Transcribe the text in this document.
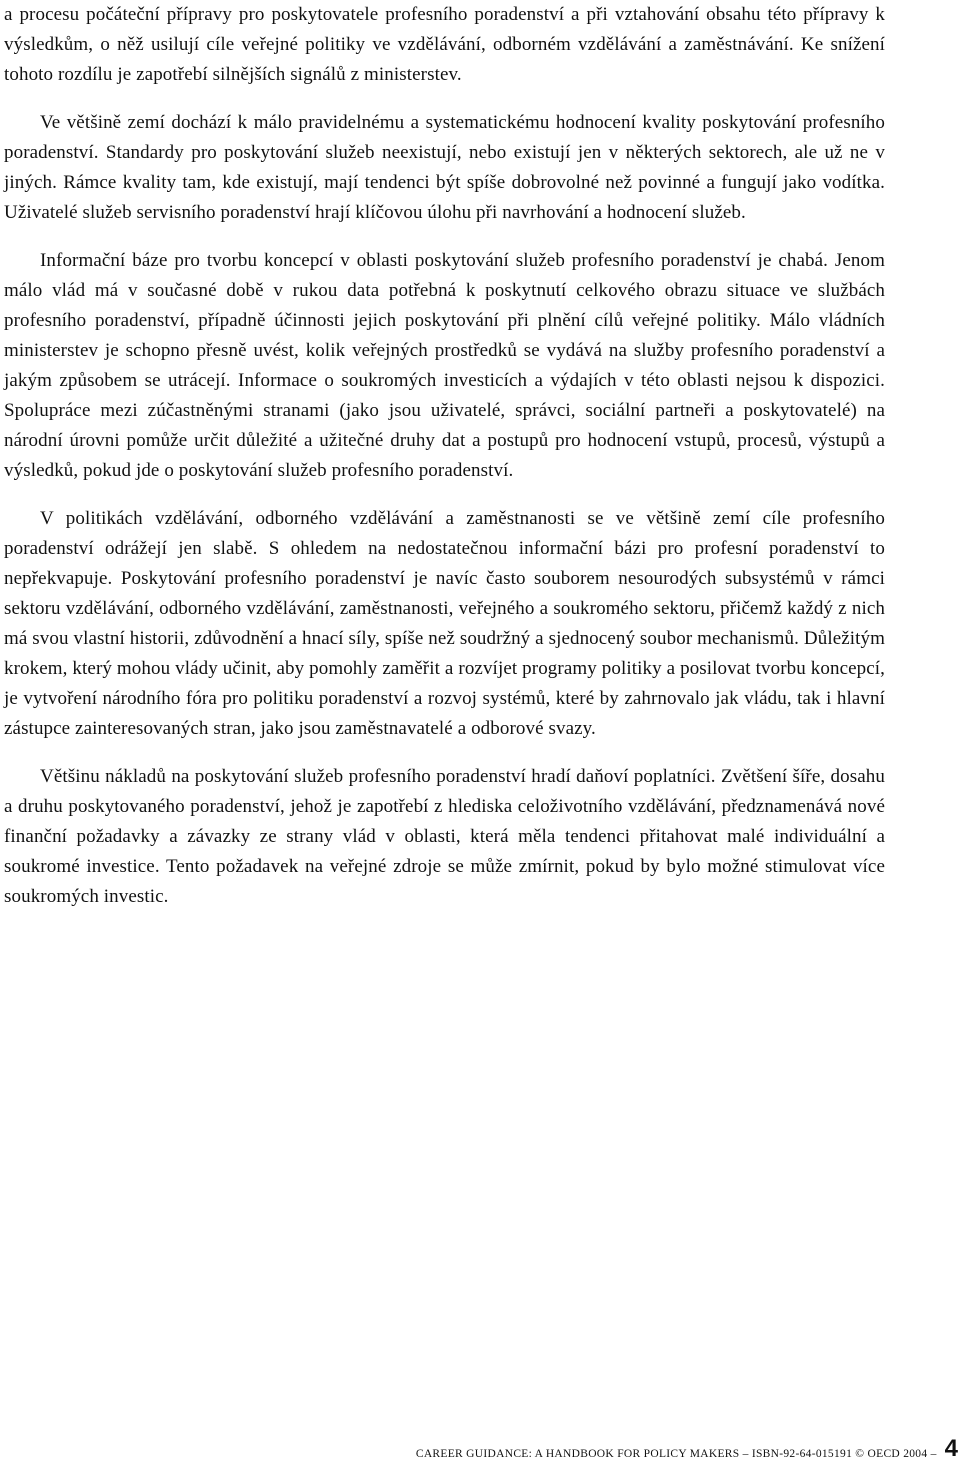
a procesu počáteční přípravy pro poskytovatele profesního poradenství a při vztahování obsahu této přípravy k výsledkům, o něž usilují cíle veřejné politiky ve vzdělávání, odborném vzdělávání a zaměstnávání. Ke snížení tohoto rozdílu je zapotřebí silnějších signálů z ministerstev.

Ve většině zemí dochází k málo pravidelnému a systematickému hodnocení kvality poskytování profesního poradenství. Standardy pro poskytování služeb neexistují, nebo existují jen v některých sektorech, ale už ne v jiných. Rámce kvality tam, kde existují, mají tendenci být spíše dobrovolné než povinné a fungují jako vodítka. Uživatelé služeb servisního poradenství hrají klíčovou úlohu při navrhování a hodnocení služeb.

Informační báze pro tvorbu koncepcí v oblasti poskytování služeb profesního poradenství je chabá. Jenom málo vlád má v současné době v rukou data potřebná k poskytnutí celkového obrazu situace ve službách profesního poradenství, případně účinnosti jejich poskytování při plnění cílů veřejné politiky. Málo vládních ministerstev je schopno přesně uvést, kolik veřejných prostředků se vydává na služby profesního poradenství a jakým způsobem se utrácejí. Informace o soukromých investicích a výdajích v této oblasti nejsou k dispozici. Spolupráce mezi zúčastněnými stranami (jako jsou uživatelé, správci, sociální partneři a poskytovatelé) na národní úrovni pomůže určit důležité a užitečné druhy dat a postupů pro hodnocení vstupů, procesů, výstupů a výsledků, pokud jde o poskytování služeb profesního poradenství.

V politikách vzdělávání, odborného vzdělávání a zaměstnanosti se ve většině zemí cíle profesního poradenství odrážejí jen slabě. S ohledem na nedostatečnou informační bázi pro profesní poradenství to nepřekvapuje. Poskytování profesního poradenství je navíc často souborem nesourodých subsystémů v rámci sektoru vzdělávání, odborného vzdělávání, zaměstnanosti, veřejného a soukromého sektoru, přičemž každý z nich má svou vlastní historii, zdůvodnění a hnací síly, spíše než soudržný a sjednocený soubor mechanismů. Důležitým krokem, který mohou vlády učinit, aby pomohly zaměřit a rozvíjet programy politiky a posilovat tvorbu koncepcí, je vytvoření národního fóra pro politiku poradenství a rozvoj systémů, které by zahrnovalo jak vládu, tak i hlavní zástupce zainteresovaných stran, jako jsou zaměstnavatelé a odborové svazy.

Většinu nákladů na poskytování služeb profesního poradenství hradí daňoví poplatníci. Zvětšení šíře, dosahu a druhu poskytovaného poradenství, jehož je zapotřebí z hlediska celoživotního vzdělávání, předznamenává nové finanční požadavky a závazky ze strany vlád v oblasti, která měla tendenci přitahovat malé individuální a soukromé investice. Tento požadavek na veřejné zdroje se může zmírnit, pokud by bylo možné stimulovat více soukromých investic.

CAREER GUIDANCE: A HANDBOOK FOR POLICY MAKERS – ISBN-92-64-015191 © OECD 2004 – 4
